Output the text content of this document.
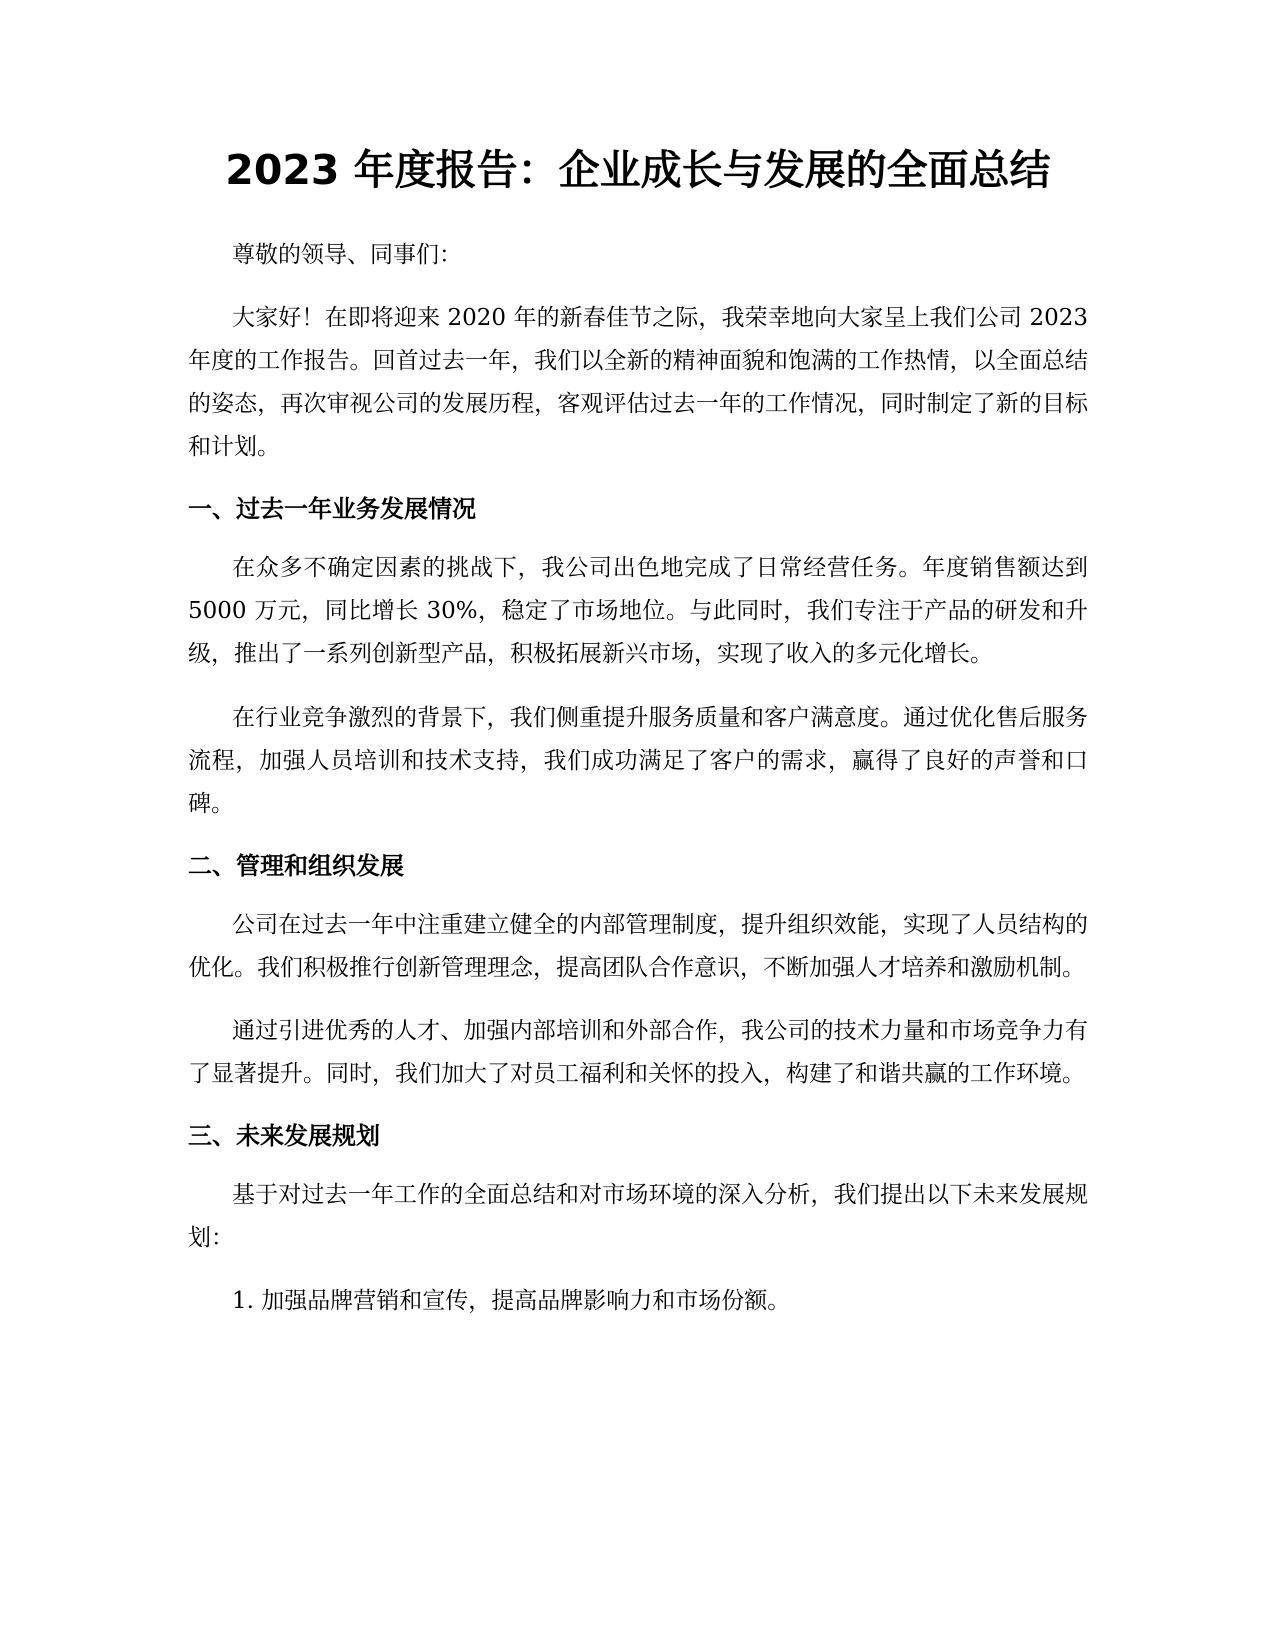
2023 年度报告：企业成长与发展的全面总结

尊敬的领导、同事们：

大家好！在即将迎来 2020 年的新春佳节之际，我荣幸地向大家呈上我们公司 2023 年度的工作报告。回首过去一年，我们以全新的精神面貌和饱满的工作热情，以全面总结的姿态，再次审视公司的发展历程，客观评估过去一年的工作情况，同时制定了新的目标和计划。

一、过去一年业务发展情况

在众多不确定因素的挑战下，我公司出色地完成了日常经营任务。年度销售额达到 5000 万元，同比增长 30%，稳定了市场地位。与此同时，我们专注于产品的研发和升级，推出了一系列创新型产品，积极拓展新兴市场，实现了收入的多元化增长。

在行业竞争激烈的背景下，我们侧重提升服务质量和客户满意度。通过优化售后服务流程，加强人员培训和技术支持，我们成功满足了客户的需求，赢得了良好的声誉和口碑。

二、管理和组织发展

公司在过去一年中注重建立健全的内部管理制度，提升组织效能，实现了人员结构的优化。我们积极推行创新管理理念，提高团队合作意识，不断加强人才培养和激励机制。

通过引进优秀的人才、加强内部培训和外部合作，我公司的技术力量和市场竞争力有了显著提升。同时，我们加大了对员工福利和关怀的投入，构建了和谐共赢的工作环境。

三、未来发展规划

基于对过去一年工作的全面总结和对市场环境的深入分析，我们提出以下未来发展规划：

1. 加强品牌营销和宣传，提高品牌影响力和市场份额。
